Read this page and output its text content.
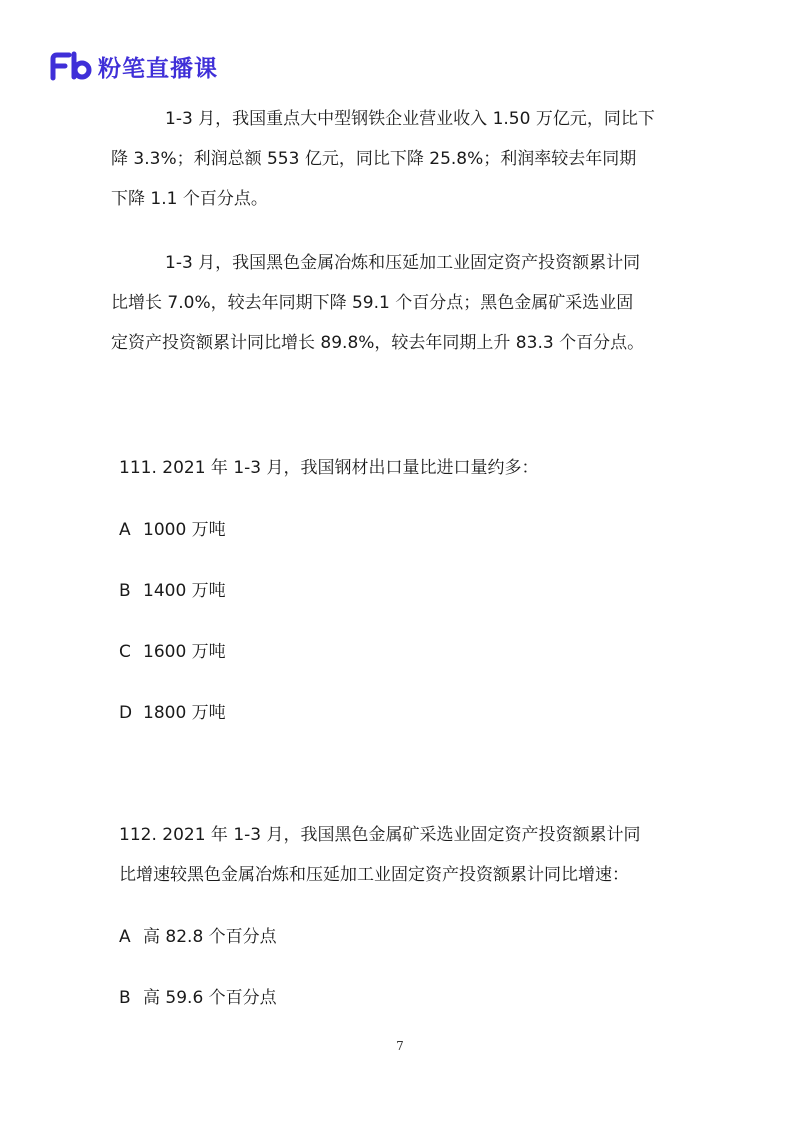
粉笔直播课
1-3 月，我国重点大中型钢铁企业营业收入 1.50 万亿元，同比下
降 3.3%；利润总额 553 亿元，同比下降 25.8%；利润率较去年同期
下降 1.1 个百分点。
1-3 月，我国黑色金属冶炼和压延加工业固定资产投资额累计同
比增长 7.0%，较去年同期下降 59.1 个百分点；黑色金属矿采选业固
定资产投资额累计同比增长 89.8%，较去年同期上升 83.3 个百分点。
111. 2021 年 1-3 月，我国钢材出口量比进口量约多：
A 1000 万吨
B 1400 万吨
C 1600 万吨
D 1800 万吨
112. 2021 年 1-3 月，我国黑色金属矿采选业固定资产投资额累计同
比增速较黑色金属冶炼和压延加工业固定资产投资额累计同比增速：
A 高 82.8 个百分点
B 高 59.6 个百分点
7
